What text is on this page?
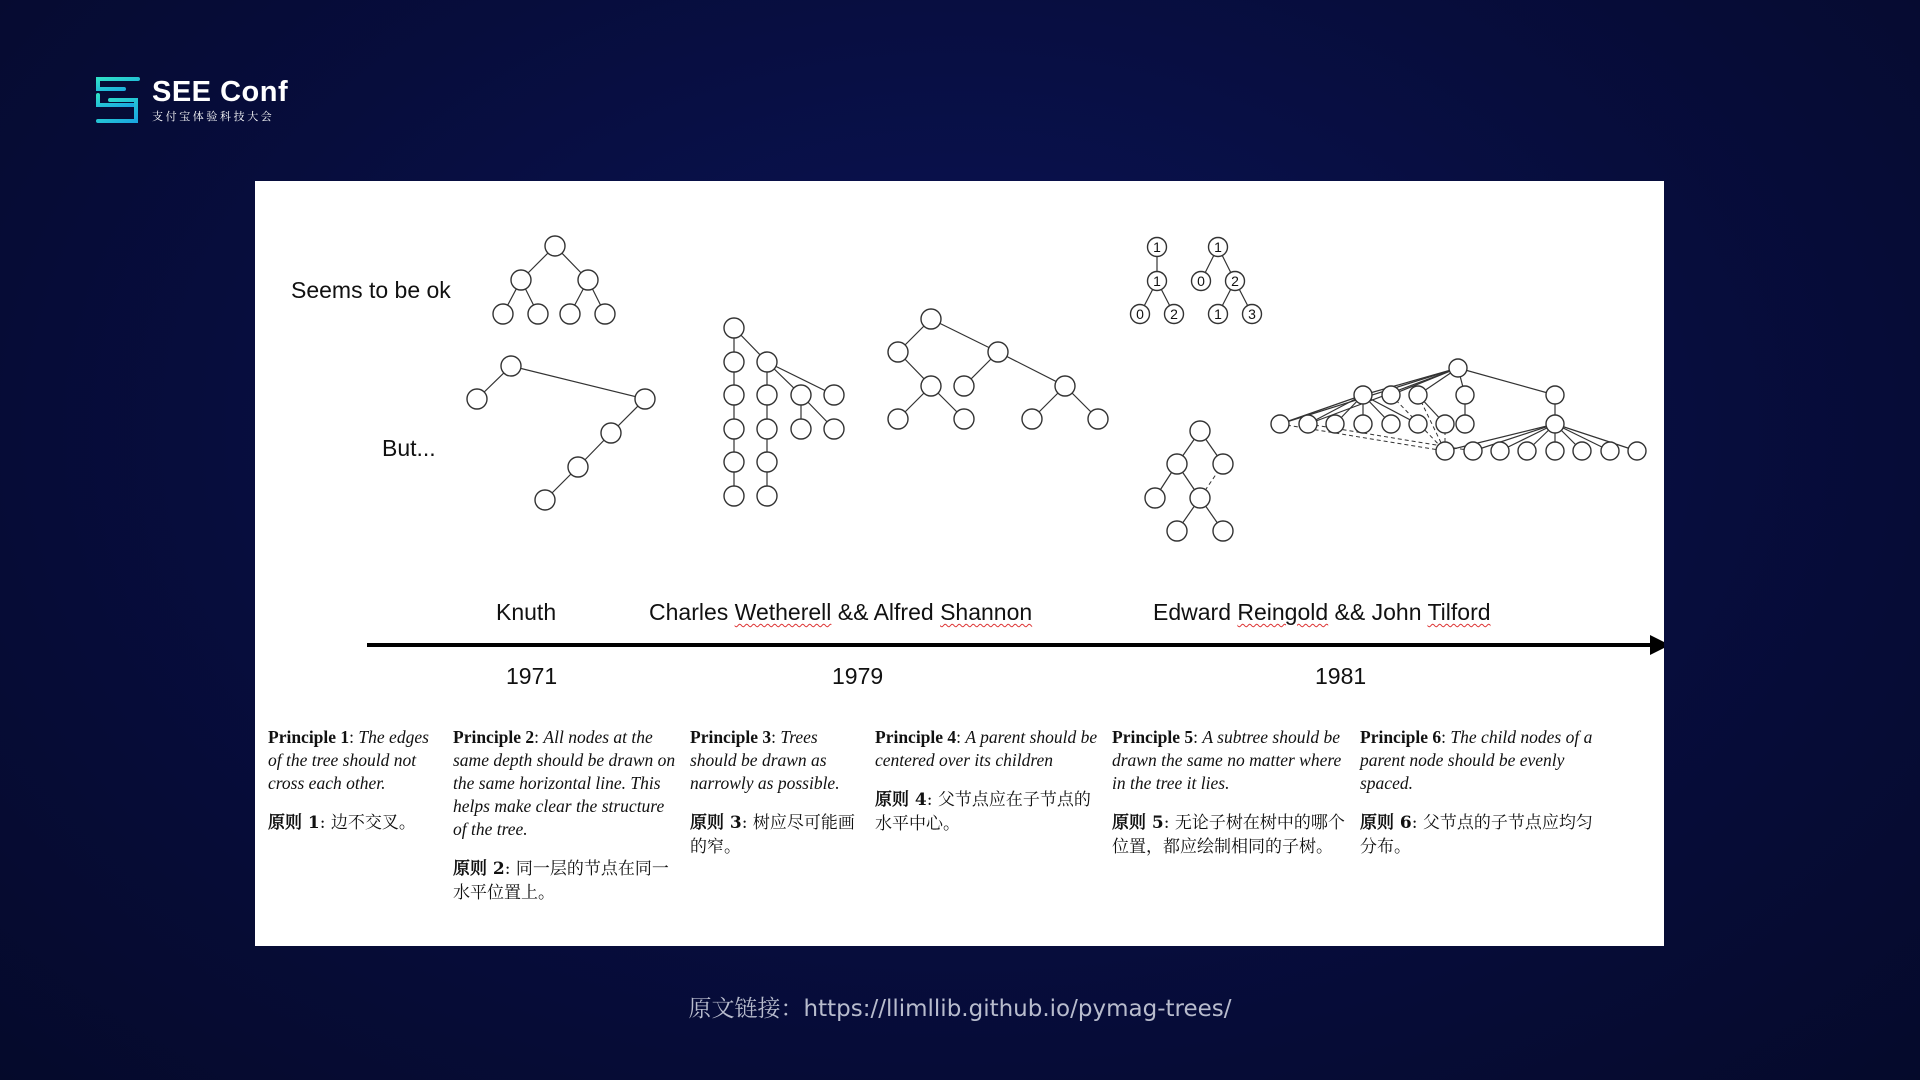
SEE Conf
支付宝体验科技大会
1
1
0 2
1
0 2
1 3
Seems to be ok
But...
Knuth	Charles Wetherell && Alfred Shannon	Edward Reingold && John Tilford
1971	1979	1981
Principle 1: The edges of the tree should not cross each other.
原则 1: 边不交叉。
Principle 2: All nodes at the same depth should be drawn on the same horizontal line. This helps make clear the structure of the tree.
原则 2: 同一层的节点在同一水平位置上。
Principle 3: Trees should be drawn as narrowly as possible.
原则 3: 树应尽可能画的窄。
Principle 4: A parent should be centered over its children
原则 4: 父节点应在子节点的水平中心。
Principle 5: A subtree should be drawn the same no matter where in the tree it lies.
原则 5: 无论子树在树中的哪个位置，都应绘制相同的子树。
Principle 6: The child nodes of a parent node should be evenly spaced.
原则 6: 父节点的子节点应均匀分布。
原文链接：https://llimllib.github.io/pymag-trees/
